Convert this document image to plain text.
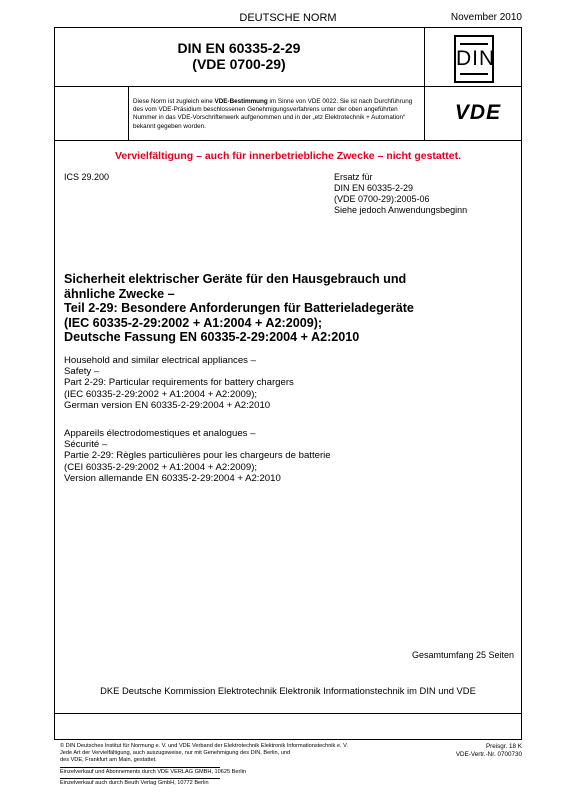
DEUTSCHE NORM	November 2010
DIN EN 60335-2-29
(VDE 0700-29)	DIN
Diese Norm ist zugleich eine VDE-Bestimmung im Sinne von VDE 0022. Sie ist nach Durchführung des vom VDE-Präsidium beschlossenen Genehmigungsverfahrens unter der oben angeführten Nummer in das VDE-Vorschriftenwerk aufgenommen und in der „etz Elektrotechnik + Automation“ bekannt gegeben worden.
VDE
Vervielfältigung – auch für innerbetriebliche Zwecke – nicht gestattet.
ICS 29.200	Ersatz für
DIN EN 60335-2-29
(VDE 0700-29):2005-06
Siehe jedoch Anwendungsbeginn
Sicherheit elektrischer Geräte für den Hausgebrauch und
ähnliche Zwecke –
Teil 2-29: Besondere Anforderungen für Batterieladegeräte
(IEC 60335-2-29:2002 + A1:2004 + A2:2009);
Deutsche Fassung EN 60335-2-29:2004 + A2:2010
Household and similar electrical appliances –
Safety –
Part 2-29: Particular requirements for battery chargers
(IEC 60335-2-29:2002 + A1:2004 + A2:2009);
German version EN 60335-2-29:2004 + A2:2010
Appareils électrodomestiques et analogues –
Sécurité –
Partie 2-29: Règles particulières pour les chargeurs de batterie
(CEI 60335-2-29:2002 + A1:2004 + A2:2009);
Version allemande EN 60335-2-29:2004 + A2:2010
Gesamtumfang 25 Seiten
DKE Deutsche Kommission Elektrotechnik Elektronik Informationstechnik im DIN und VDE
© DIN Deutsches Institut für Normung e. V. und VDE Verband der Elektrotechnik Elektronik Informationstechnik e. V.
Jede Art der Vervielfältigung, auch auszugsweise, nur mit Genehmigung des DIN, Berlin, und
des VDE, Frankfurt am Main, gestattet.
Preisgr. 18 K
VDE-Vertr.-Nr. 0700730
Einzelverkauf und Abonnements durch VDE VERLAG GMBH, 10625 Berlin
Einzelverkauf auch durch Beuth Verlag GmbH, 10772 Berlin
